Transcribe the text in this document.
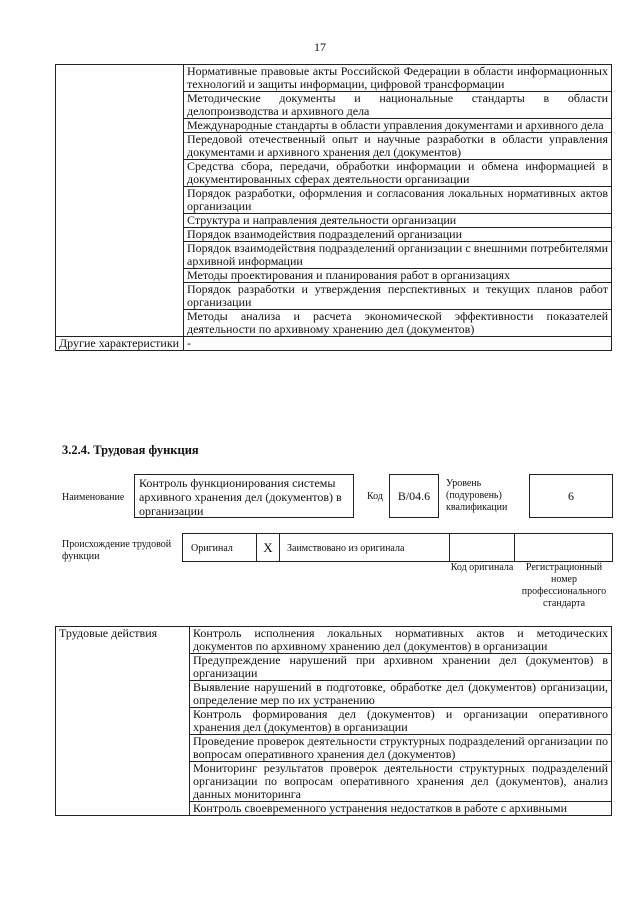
17
	Нормативные правовые акты Российской Федерации в области информационных технологий и защиты информации, цифровой трансформации
	Методические документы и национальные стандарты в области делопроизводства и архивного дела
	Международные стандарты в области управления документами и архивного дела
	Передовой отечественный опыт и научные разработки в области управления документами и архивного хранения дел (документов)
	Средства сбора, передачи, обработки информации и обмена информацией в документированных сферах деятельности организации
	Порядок разработки, оформления и согласования локальных нормативных актов организации
	Структура и направления деятельности организации
	Порядок взаимодействия подразделений организации
	Порядок взаимодействия подразделений организации с внешними потребителями архивной информации
	Методы проектирования и планирования работ в организациях
	Порядок разработки и утверждения перспективных и текущих планов работ организации
	Методы анализа и расчета экономической эффективности показателей деятельности по архивному хранению дел (документов)
Другие характеристики	-
3.2.4. Трудовая функция
Наименование
Контроль функционирования системы архивного хранения дел (документов) в организации
Код	B/04.6
Уровень (подуровень) квалификации
6
Происхождение трудовой функции
Оригинал	X	Заимствовано из оригинала
Код оригинала	Регистрационный номер профессионального стандарта
Трудовые действия	Контроль исполнения локальных нормативных актов и методических документов по архивному хранению дел (документов) в организации
Предупреждение нарушений при архивном хранении дел (документов) в организации
Выявление нарушений в подготовке, обработке дел (документов) организации, определение мер по их устранению
Контроль формирования дел (документов) и организации оперативного хранения дел (документов) в организации
Проведение проверок деятельности структурных подразделений организации по вопросам оперативного хранения дел (документов)
Мониторинг результатов проверок деятельности структурных подразделений организации по вопросам оперативного хранения дел (документов), анализ данных мониторинга
Контроль своевременного устранения недостатков в работе с архивными
